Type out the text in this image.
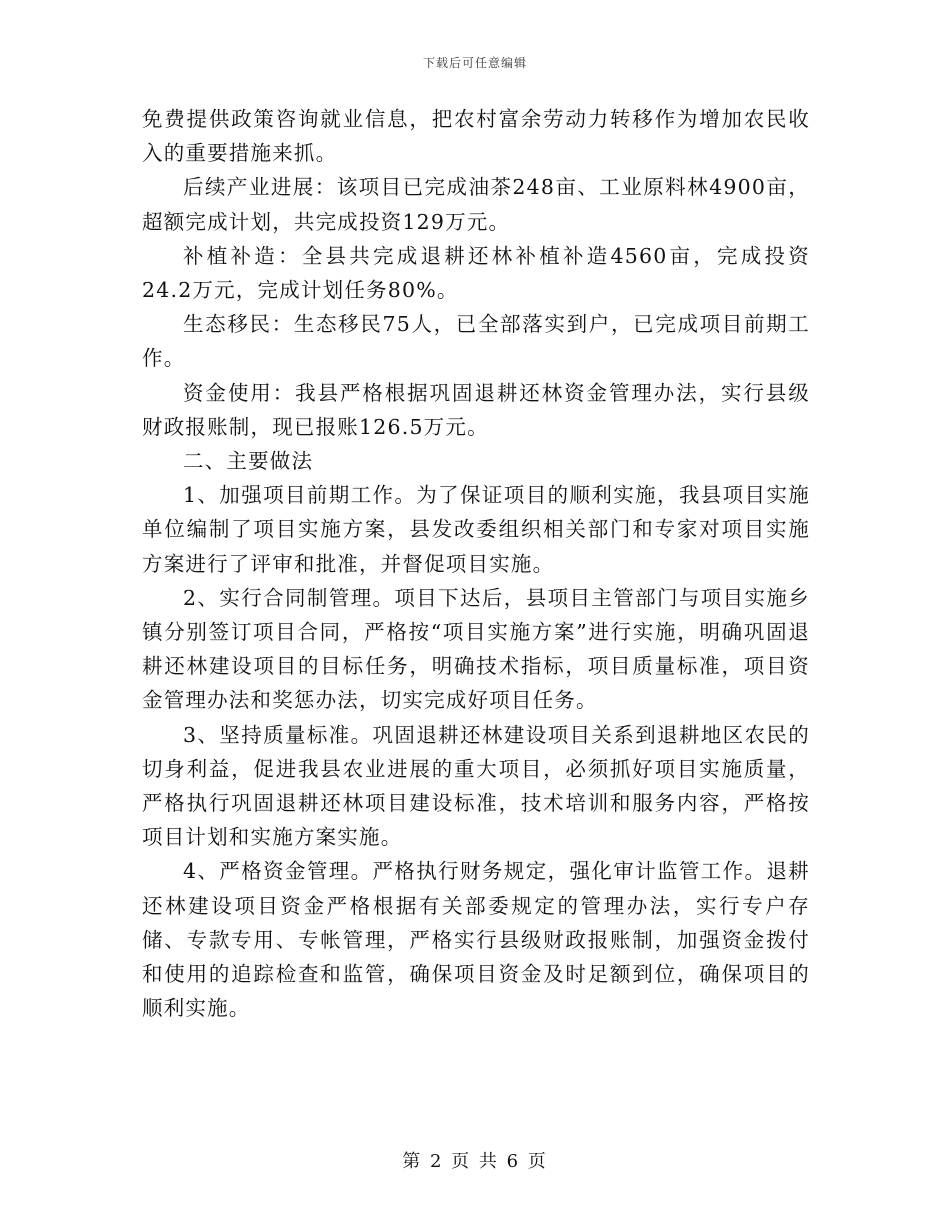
下载后可任意编辑

免费提供政策咨询就业信息，把农村富余劳动力转移作为增加农民收入的重要措施来抓。

后续产业进展：该项目已完成油茶248亩、工业原料林4900亩，超额完成计划，共完成投资129万元。

补植补造：全县共完成退耕还林补植补造4560亩，完成投资24.2万元，完成计划任务80%。

生态移民：生态移民75人，已全部落实到户，已完成项目前期工作。

资金使用：我县严格根据巩固退耕还林资金管理办法，实行县级财政报账制，现已报账126.5万元。

二、主要做法

1、加强项目前期工作。为了保证项目的顺利实施，我县项目实施单位编制了项目实施方案，县发改委组织相关部门和专家对项目实施方案进行了评审和批准，并督促项目实施。

2、实行合同制管理。项目下达后，县项目主管部门与项目实施乡镇分别签订项目合同，严格按“项目实施方案”进行实施，明确巩固退耕还林建设项目的目标任务，明确技术指标，项目质量标准，项目资金管理办法和奖惩办法，切实完成好项目任务。

3、坚持质量标准。巩固退耕还林建设项目关系到退耕地区农民的切身利益，促进我县农业进展的重大项目，必须抓好项目实施质量，严格执行巩固退耕还林项目建设标准，技术培训和服务内容，严格按项目计划和实施方案实施。

4、严格资金管理。严格执行财务规定，强化审计监管工作。退耕还林建设项目资金严格根据有关部委规定的管理办法，实行专户存储、专款专用、专帐管理，严格实行县级财政报账制，加强资金拨付和使用的追踪检查和监管，确保项目资金及时足额到位，确保项目的顺利实施。

第 2 页 共 6 页
